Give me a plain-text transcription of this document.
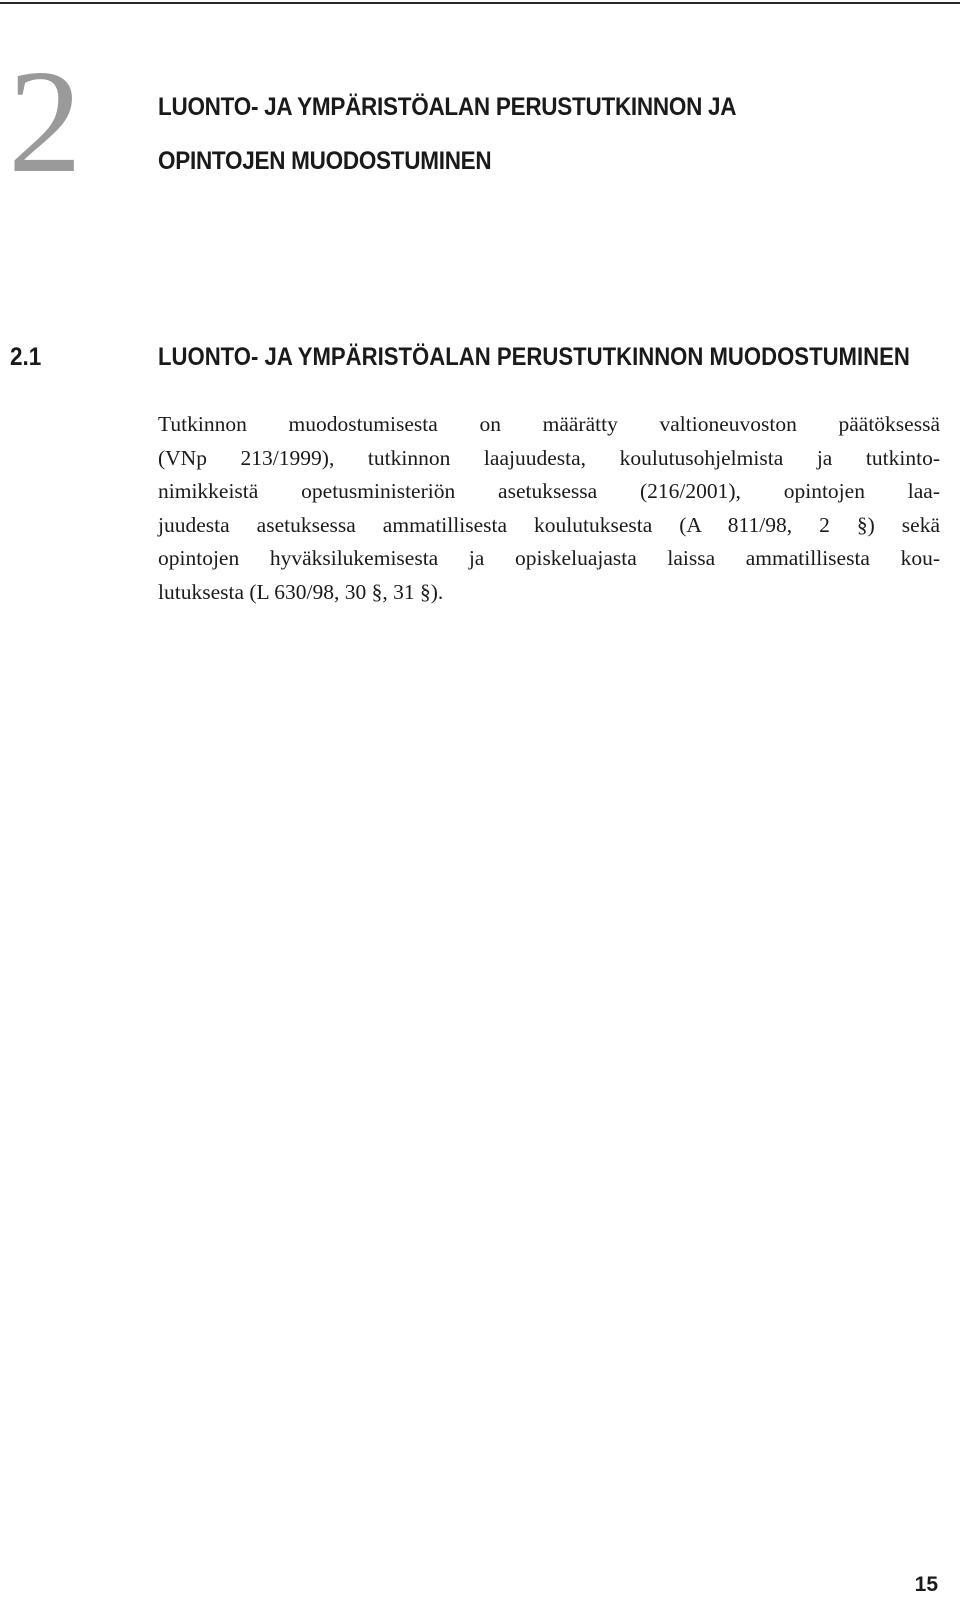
2	LUONTO- JA YMPÄRISTÖALAN PERUSTUTKINNON JA
OPINTOJEN MUODOSTUMINEN
2.1	LUONTO- JA YMPÄRISTÖALAN PERUSTUTKINNON MUODOSTUMINEN
Tutkinnon muodostumisesta on määrätty valtioneuvoston päätöksessä
(VNp 213/1999), tutkinnon laajuudesta, koulutusohjelmista ja tutkinto-
nimikkeistä opetusministeriön asetuksessa (216/2001), opintojen laa-
juudesta asetuksessa ammatillisesta koulutuksesta (A 811/98, 2 §) sekä
opintojen hyväksilukemisesta ja opiskeluajasta laissa ammatillisesta kou-
lutuksesta (L 630/98, 30 §, 31 §).
15
